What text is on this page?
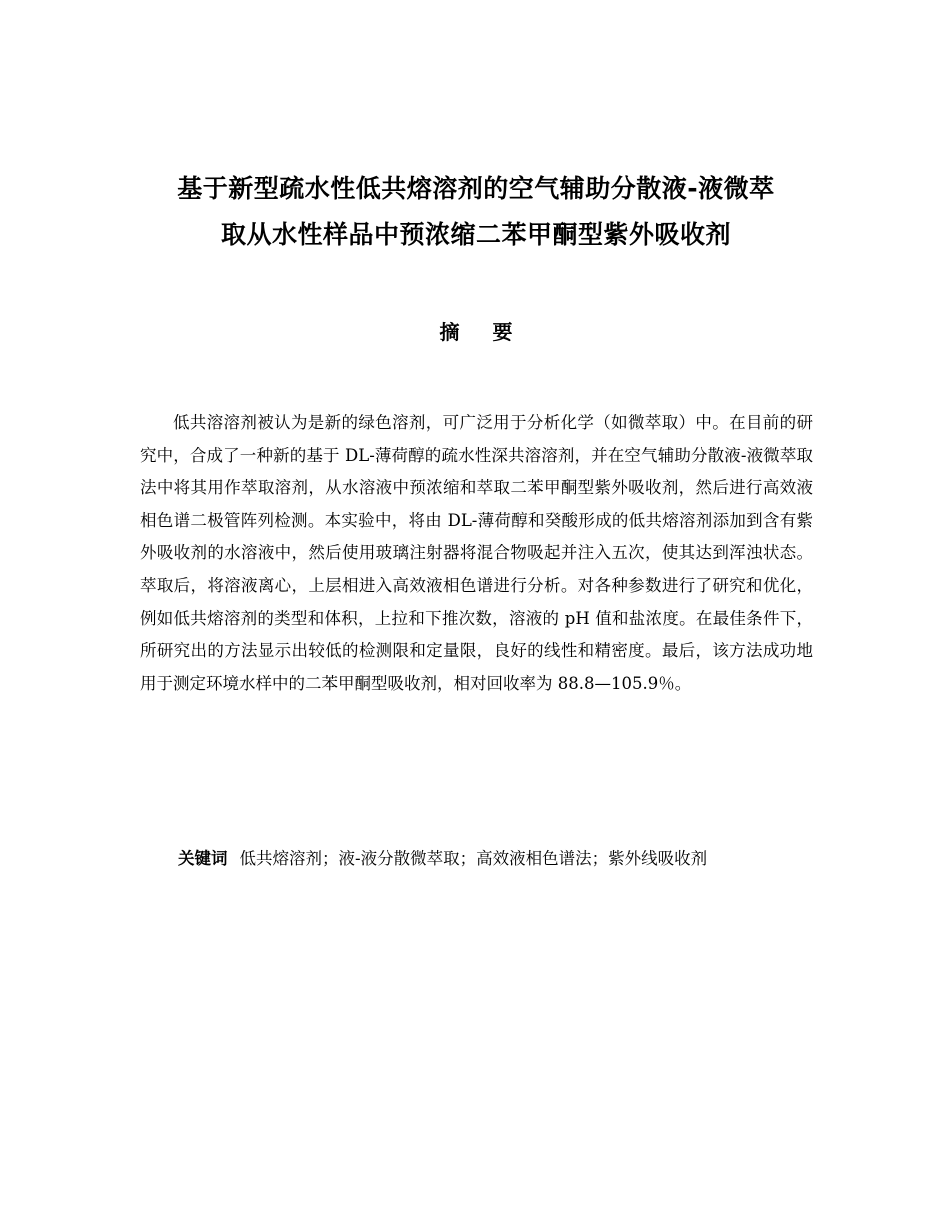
基于新型疏水性低共熔溶剂的空气辅助分散液-液微萃
取从水性样品中预浓缩二苯甲酮型紫外吸收剂
摘 要

低共溶溶剂被认为是新的绿色溶剂，可广泛用于分析化学（如微萃取）中。在目前的研究中，合成了一种新的基于 DL-薄荷醇的疏水性深共溶溶剂，并在空气辅助分散液-液微萃取法中将其用作萃取溶剂，从水溶液中预浓缩和萃取二苯甲酮型紫外吸收剂，然后进行高效液相色谱二极管阵列检测。本实验中，将由 DL-薄荷醇和癸酸形成的低共熔溶剂添加到含有紫外吸收剂的水溶液中，然后使用玻璃注射器将混合物吸起并注入五次，使其达到浑浊状态。萃取后，将溶液离心，上层相进入高效液相色谱进行分析。对各种参数进行了研究和优化，例如低共熔溶剂的类型和体积，上拉和下推次数，溶液的 pH 值和盐浓度。在最佳条件下，所研究出的方法显示出较低的检测限和定量限，良好的线性和精密度。最后，该方法成功地用于测定环境水样中的二苯甲酮型吸收剂，相对回收率为 88.8—105.9％。

关键词 低共熔溶剂；液-液分散微萃取；高效液相色谱法；紫外线吸收剂
